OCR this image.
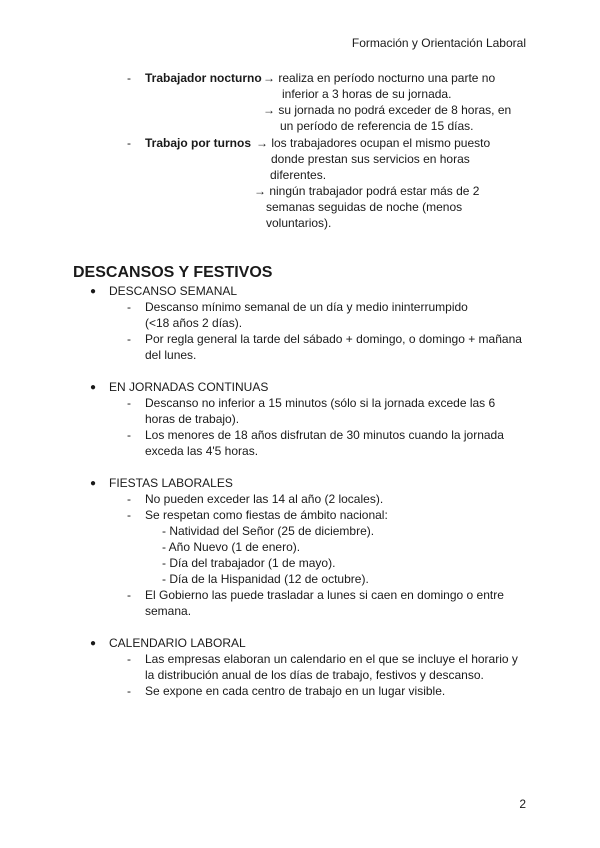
Formación y Orientación Laboral
- Trabajador nocturno → realiza en período nocturno una parte no
inferior a 3 horas de su jornada.
→ su jornada no podrá exceder de 8 horas, en
un período de referencia de 15 días.
- Trabajo por turnos → los trabajadores ocupan el mismo puesto
donde prestan sus servicios en horas
diferentes.
→ ningún trabajador podrá estar más de 2
semanas seguidas de noche (menos
voluntarios).
DESCANSOS Y FESTIVOS
● DESCANSO SEMANAL
- Descanso mínimo semanal de un día y medio ininterrumpido
(<18 años 2 días).
- Por regla general la tarde del sábado + domingo, o domingo + mañana
del lunes.
● EN JORNADAS CONTINUAS
- Descanso no inferior a 15 minutos (sólo si la jornada excede las 6
horas de trabajo).
- Los menores de 18 años disfrutan de 30 minutos cuando la jornada
exceda las 4'5 horas.
● FIESTAS LABORALES
- No pueden exceder las 14 al año (2 locales).
- Se respetan como fiestas de ámbito nacional:
- Natividad del Señor (25 de diciembre).
- Año Nuevo (1 de enero).
- Día del trabajador (1 de mayo).
- Día de la Hispanidad (12 de octubre).
- El Gobierno las puede trasladar a lunes si caen en domingo o entre
semana.
● CALENDARIO LABORAL
- Las empresas elaboran un calendario en el que se incluye el horario y
la distribución anual de los días de trabajo, festivos y descanso.
- Se expone en cada centro de trabajo en un lugar visible.
2
